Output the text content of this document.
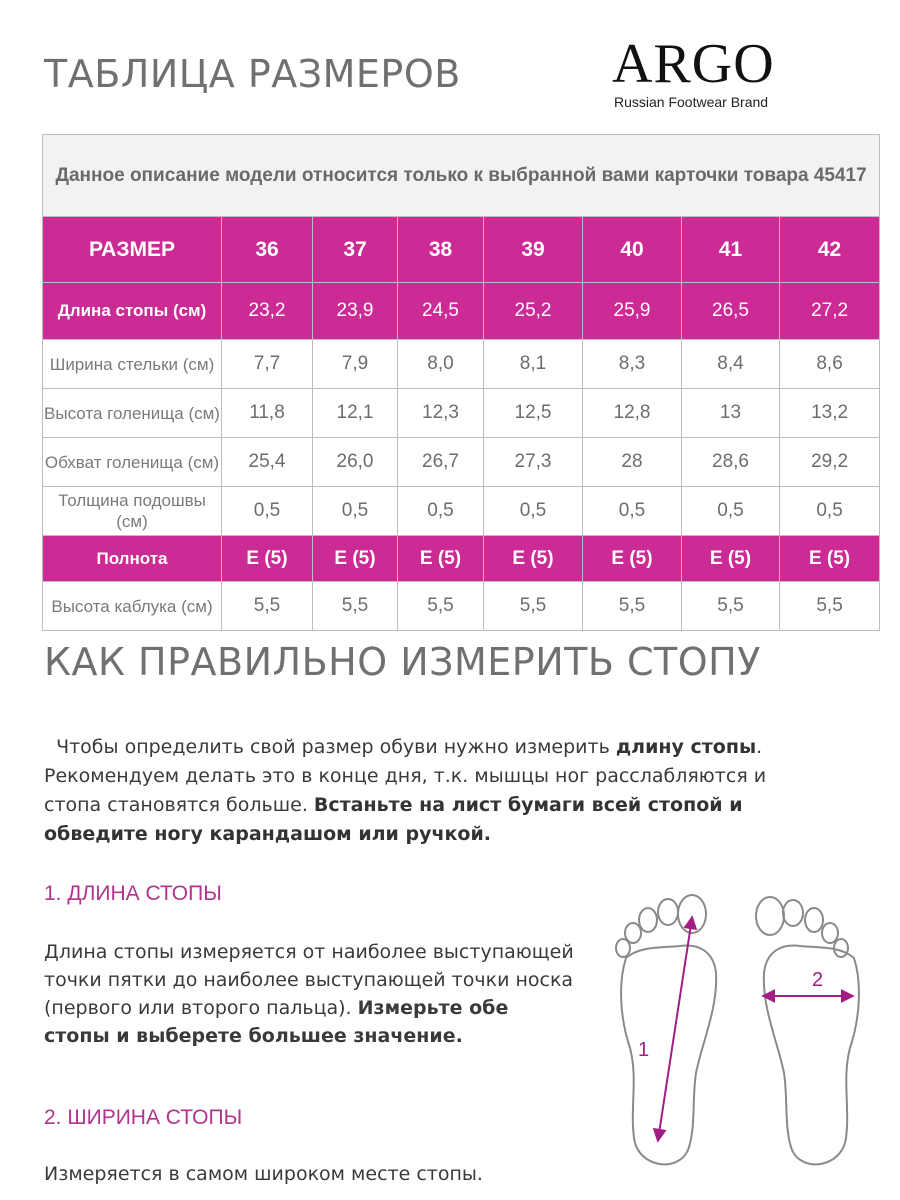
ТАБЛИЦА РАЗМЕРОВ	ARGO
Russian Footwear Brand
Данное описание модели относится только к выбранной вами карточки товара 45417							
РАЗМЕР	36	37	38	39	40	41	42
Длина стопы (см)	23,2	23,9	24,5	25,2	25,9	26,5	27,2
Ширина стельки (см)	7,7	7,9	8,0	8,1	8,3	8,4	8,6
Высота голенища (см)	11,8	12,1	12,3	12,5	12,8	13	13,2
Обхват голенища (см)	25,4	26,0	26,7	27,3	28	28,6	29,2
Толщина подошвы (см)	0,5	0,5	0,5	0,5	0,5	0,5	0,5
Полнота	E (5)	E (5)	E (5)	E (5)	E (5)	E (5)	E (5)
Высота каблука (см)	5,5	5,5	5,5	5,5	5,5	5,5	5,5
КАК ПРАВИЛЬНО ИЗМЕРИТЬ СТОПУ
Чтобы определить свой размер обуви нужно измерить длину стопы. Рекомендуем делать это в конце дня, т.к. мышцы ног расслабляются и стопа становятся больше. Встаньте на лист бумаги всей стопой и обведите ногу карандашом или ручкой.
1. ДЛИНА СТОПЫ
Длина стопы измеряется от наиболее выступающей точки пятки до наиболее выступающей точки носка (первого или второго пальца). Измерьте обе стопы и выберете большее значение.
2. ШИРИНА СТОПЫ
Измеряется в самом широком месте стопы.
1
2
